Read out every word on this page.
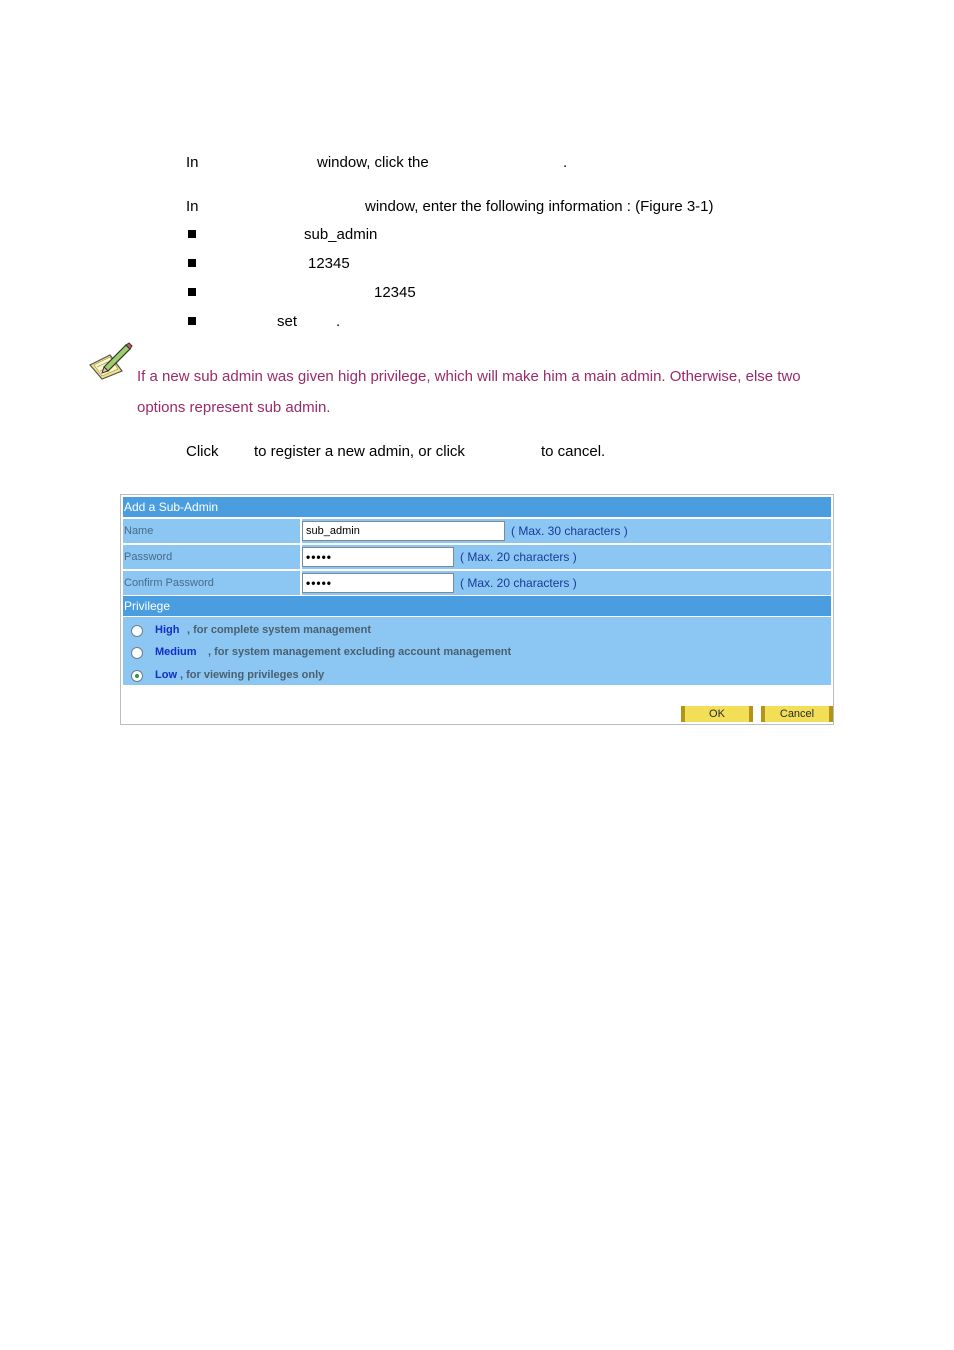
In	window, click the	.
In	window, enter the following information : (Figure 3-1)
sub_admin
12345
12345
set	.
If a new sub admin was given high privilege, which will make him a main admin. Otherwise, else two
options represent sub admin.
Click to register a new admin, or click	to cancel.
Add a Sub-Admin
Name	sub_admin	( Max. 30 characters )
Password	•••••	( Max. 20 characters )
Confirm Password	•••••	( Max. 20 characters )
Privilege
High , for complete system management
Medium , for system management excluding account management
Low , for viewing privileges only
OK	Cancel
